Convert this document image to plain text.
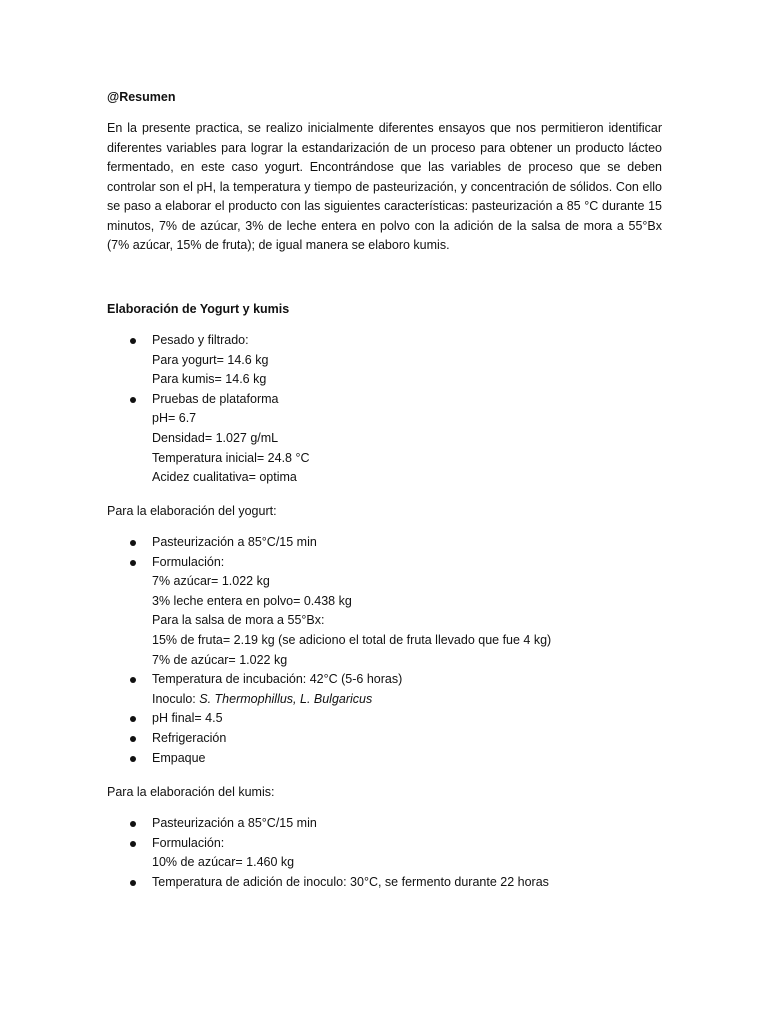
@Resumen
En la presente practica, se realizo inicialmente diferentes ensayos que nos permitieron identificar diferentes variables para lograr la estandarización de un proceso para obtener un producto lácteo fermentado, en este caso yogurt. Encontrándose que las variables de proceso que se deben controlar son el pH, la temperatura y tiempo de pasteurización, y concentración de sólidos. Con ello se paso a elaborar el producto con las siguientes características: pasteurización a 85 °C durante 15 minutos, 7% de azúcar, 3% de leche entera en polvo con la adición de la salsa de mora a 55°Bx (7% azúcar, 15% de fruta); de igual manera se elaboro kumis.
Elaboración de Yogurt y kumis
Pesado y filtrado:
Para yogurt= 14.6 kg
Para kumis= 14.6 kg
Pruebas de plataforma
pH= 6.7
Densidad= 1.027 g/mL
Temperatura inicial= 24.8 °C
Acidez cualitativa= optima
Para la elaboración del yogurt:
Pasteurización a 85°C/15 min
Formulación:
7% azúcar= 1.022 kg
3% leche entera en polvo= 0.438 kg
Para la salsa de mora a 55°Bx:
15% de fruta= 2.19 kg (se adiciono el total de fruta llevado que fue 4 kg)
7% de azúcar= 1.022 kg
Temperatura de incubación: 42°C (5-6 horas)
Inoculo: S. Thermophillus, L. Bulgaricus
pH final= 4.5
Refrigeración
Empaque
Para la elaboración del kumis:
Pasteurización a 85°C/15 min
Formulación:
10% de azúcar= 1.460 kg
Temperatura de adición de inoculo: 30°C, se fermento durante 22 horas
